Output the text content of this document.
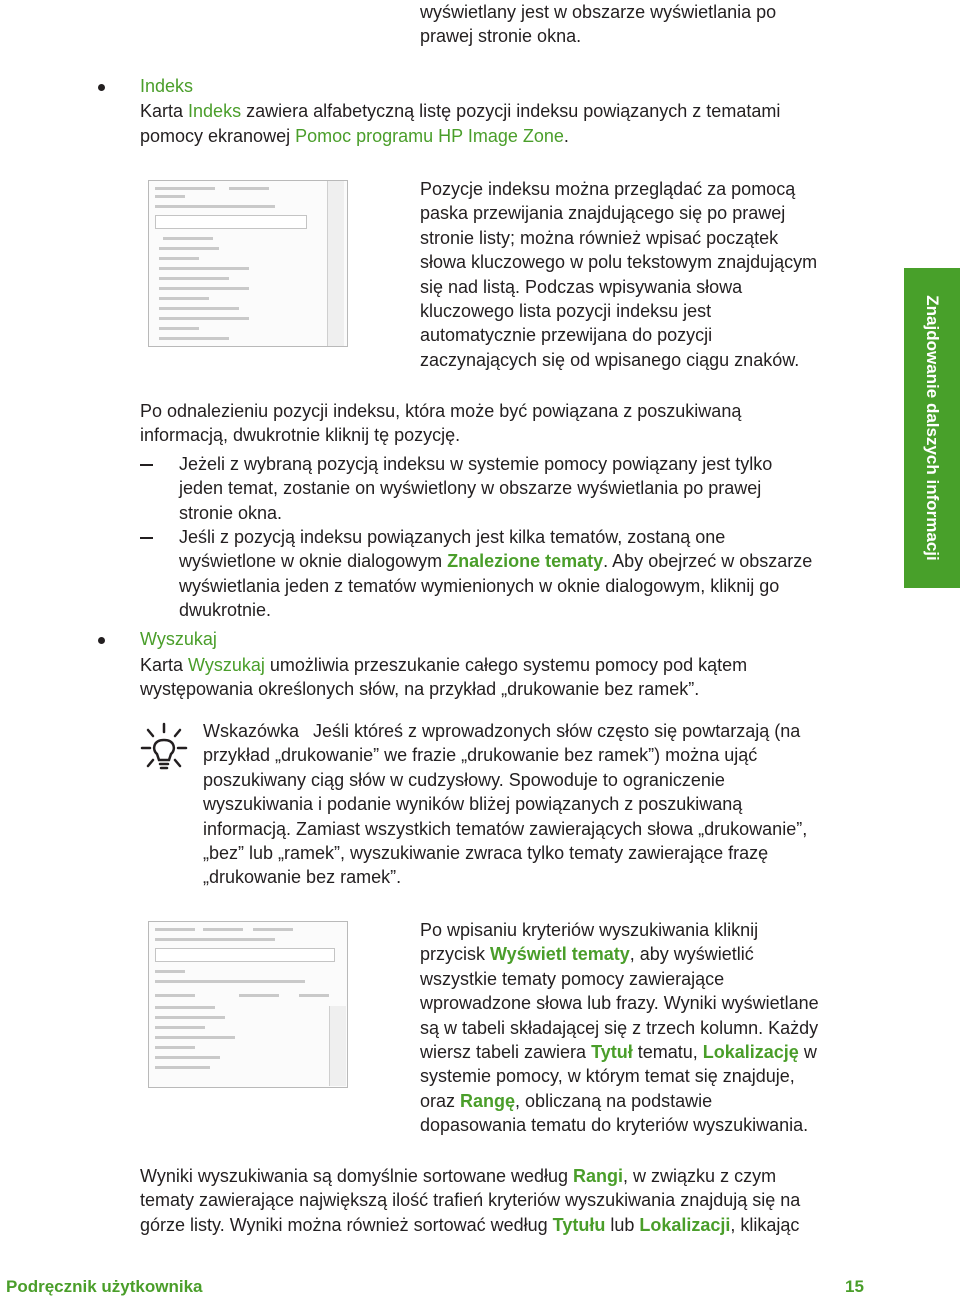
wyświetlany jest w obszarze wyświetlania po
prawej stronie okna.
Indeks
Karta Indeks zawiera alfabetyczną listę pozycji indeksu powiązanych z tematami
pomocy ekranowej Pomoc programu HP Image Zone.
Pozycje indeksu można przeglądać za pomocą
paska przewijania znajdującego się po prawej
stronie listy; można również wpisać początek
słowa kluczowego w polu tekstowym znajdującym
się nad listą. Podczas wpisywania słowa
kluczowego lista pozycji indeksu jest
automatycznie przewijana do pozycji
zaczynających się od wpisanego ciągu znaków.
Po odnalezieniu pozycji indeksu, która może być powiązana z poszukiwaną
informacją, dwukrotnie kliknij tę pozycję.
Jeżeli z wybraną pozycją indeksu w systemie pomocy powiązany jest tylko
jeden temat, zostanie on wyświetlony w obszarze wyświetlania po prawej
stronie okna.
Jeśli z pozycją indeksu powiązanych jest kilka tematów, zostaną one
wyświetlone w oknie dialogowym Znalezione tematy. Aby obejrzeć w obszarze
wyświetlania jeden z tematów wymienionych w oknie dialogowym, kliknij go
dwukrotnie.
Wyszukaj
Karta Wyszukaj umożliwia przeszukanie całego systemu pomocy pod kątem
występowania określonych słów, na przykład „drukowanie bez ramek”.
Wskazówka Jeśli któreś z wprowadzonych słów często się powtarzają (na
przykład „drukowanie” we frazie „drukowanie bez ramek”) można ująć
poszukiwany ciąg słów w cudzysłowy. Spowoduje to ograniczenie
wyszukiwania i podanie wyników bliżej powiązanych z poszukiwaną
informacją. Zamiast wszystkich tematów zawierających słowa „drukowanie”,
„bez” lub „ramek”, wyszukiwanie zwraca tylko tematy zawierające frazę
„drukowanie bez ramek”.
Po wpisaniu kryteriów wyszukiwania kliknij
przycisk Wyświetl tematy, aby wyświetlić
wszystkie tematy pomocy zawierające
wprowadzone słowa lub frazy. Wyniki wyświetlane
są w tabeli składającej się z trzech kolumn. Każdy
wiersz tabeli zawiera Tytuł tematu, Lokalizację w
systemie pomocy, w którym temat się znajduje,
oraz Rangę, obliczaną na podstawie
dopasowania tematu do kryteriów wyszukiwania.
Wyniki wyszukiwania są domyślnie sortowane według Rangi, w związku z czym
tematy zawierające największą ilość trafień kryteriów wyszukiwania znajdują się na
górze listy. Wyniki można również sortować według Tytułu lub Lokalizacji, klikając
Znajdowanie dalszych informacji
Podręcznik użytkownika	15
